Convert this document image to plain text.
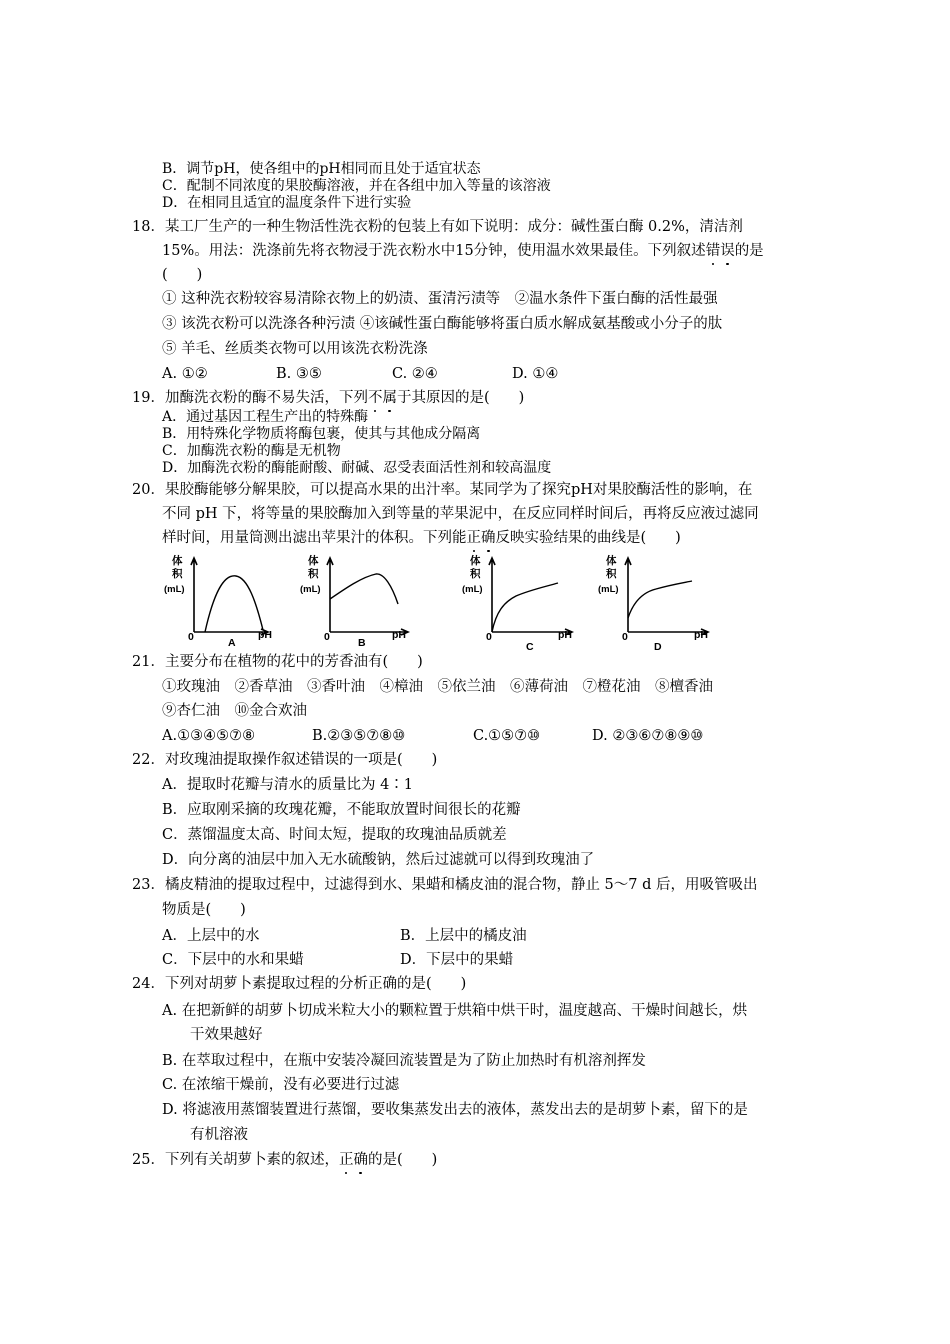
B．调节pH，使各组中的pH相同而且处于适宜状态
C．配制不同浓度的果胶酶溶液，并在各组中加入等量的该溶液
D．在相同且适宜的温度条件下进行实验
18．某工厂生产的一种生物活性洗衣粉的包装上有如下说明：成分：碱性蛋白酶 0.2%，清洁剂
15%。用法：洗涤前先将衣物浸于洗衣粉水中15分钟，使用温水效果最佳。下列叙述错误的是
(　　)
① 这种洗衣粉较容易清除衣物上的奶渍、蛋清污渍等　②温水条件下蛋白酶的活性最强
③ 该洗衣粉可以洗涤各种污渍 ④该碱性蛋白酶能够将蛋白质水解成氨基酸或小分子的肽
⑤ 羊毛、丝质类衣物可以用该洗衣粉洗涤
A. ①②	B. ③⑤	C. ②④	D. ①④
19．加酶洗衣粉的酶不易失活，下列不属于其原因的是(　　)
A．通过基因工程生产出的特殊酶
B．用特殊化学物质将酶包裹，使其与其他成分隔离
C．加酶洗衣粉的酶是无机物
D．加酶洗衣粉的酶能耐酸、耐碱、忍受表面活性剂和较高温度
20．果胶酶能够分解果胶，可以提高水果的出汁率。某同学为了探究pH对果胶酶活性的影响，在
不同 pH 下，将等量的果胶酶加入到等量的苹果泥中，在反应同样时间后，再将反应液过滤同
样时间，用量筒测出滤出苹果汁的体积。下列能正确反映实验结果的曲线是(　　)
体
积
(mL)
0	pH
A
体
积
(mL)
0	pH
B
体
积
(mL)
0	pH
C
体
积
(mL)
0	pH
D
21．主要分布在植物的花中的芳香油有(　　)
①玫瑰油　②香草油　③香叶油　④樟油　⑤依兰油　⑥薄荷油　⑦橙花油　⑧檀香油
⑨杏仁油　⑩金合欢油
A.①③④⑤⑦⑧	B.②③⑤⑦⑧⑩	C.①⑤⑦⑩	D. ②③⑥⑦⑧⑨⑩
22．对玫瑰油提取操作叙述错误的一项是(　　)
A．提取时花瓣与清水的质量比为 4∶1
B．应取刚采摘的玫瑰花瓣，不能取放置时间很长的花瓣
C．蒸馏温度太高、时间太短，提取的玫瑰油品质就差
D．向分离的油层中加入无水硫酸钠，然后过滤就可以得到玫瑰油了
23．橘皮精油的提取过程中，过滤得到水、果蜡和橘皮油的混合物，静止 5～7 d 后，用吸管吸出
物质是(　　)
A．上层中的水	B．上层中的橘皮油
C．下层中的水和果蜡	D．下层中的果蜡
24．下列对胡萝卜素提取过程的分析正确的是(　　)
A. 在把新鲜的胡萝卜切成米粒大小的颗粒置于烘箱中烘干时，温度越高、干燥时间越长，烘
干效果越好
B. 在萃取过程中，在瓶中安装冷凝回流装置是为了防止加热时有机溶剂挥发
C. 在浓缩干燥前，没有必要进行过滤
D. 将滤液用蒸馏装置进行蒸馏，要收集蒸发出去的液体，蒸发出去的是胡萝卜素，留下的是
有机溶液
25．下列有关胡萝卜素的叙述，正确的是(　　)
